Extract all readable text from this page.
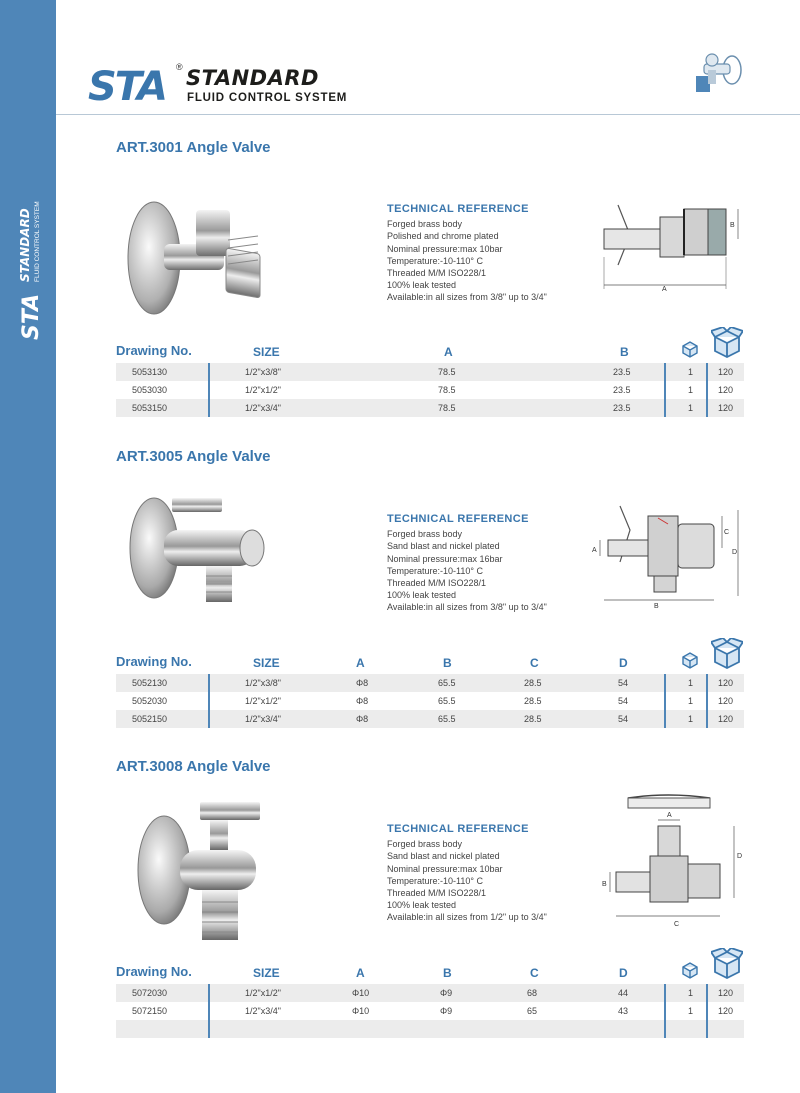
STA
STANDARD FLUID CONTROL SYSTEM
STA ® STANDARD
FLUID CONTROL SYSTEM
ART.3001 Angle Valve
TECHNICAL REFERENCE
Forged brass body
Polished and chrome plated
Nominal pressure:max 10bar
Temperature:-10-110° C
Threaded M/M ISO228/1
100% leak tested
Available:in all sizes from 3/8" up to 3/4"
A
B
Drawing No.	SIZE	A	B
5053130	1/2"x3/8"	78.5	23.5	1	120
5053030	1/2"x1/2"	78.5	23.5	1	120
5053150	1/2"x3/4"	78.5	23.5	1	120
ART.3005 Angle Valve
TECHNICAL REFERENCE
Forged brass body
Sand blast and nickel plated
Nominal pressure:max 16bar
Temperature:-10-110° C
Threaded M/M ISO228/1
100% leak tested
Available:in all sizes from 3/8" up to 3/4"
A
B
C
D
Drawing No.	SIZE	A	B	C	D
5052130	1/2"x3/8"	Φ8	65.5	28.5	54	1	120
5052030	1/2"x1/2"	Φ8	65.5	28.5	54	1	120
5052150	1/2"x3/4"	Φ8	65.5	28.5	54	1	120
ART.3008 Angle Valve
TECHNICAL REFERENCE
Forged brass body
Sand blast and nickel plated
Nominal pressure:max 10bar
Temperature:-10-110° C
Threaded M/M ISO228/1
100% leak tested
Available:in all sizes from 1/2" up to 3/4"
A
B
C
D
Drawing No.	SIZE	A	B	C	D
5072030	1/2"x1/2"	Φ10	Φ9	68	44	1	120
5072150	1/2"x3/4"	Φ10	Φ9	65	43	1	120
